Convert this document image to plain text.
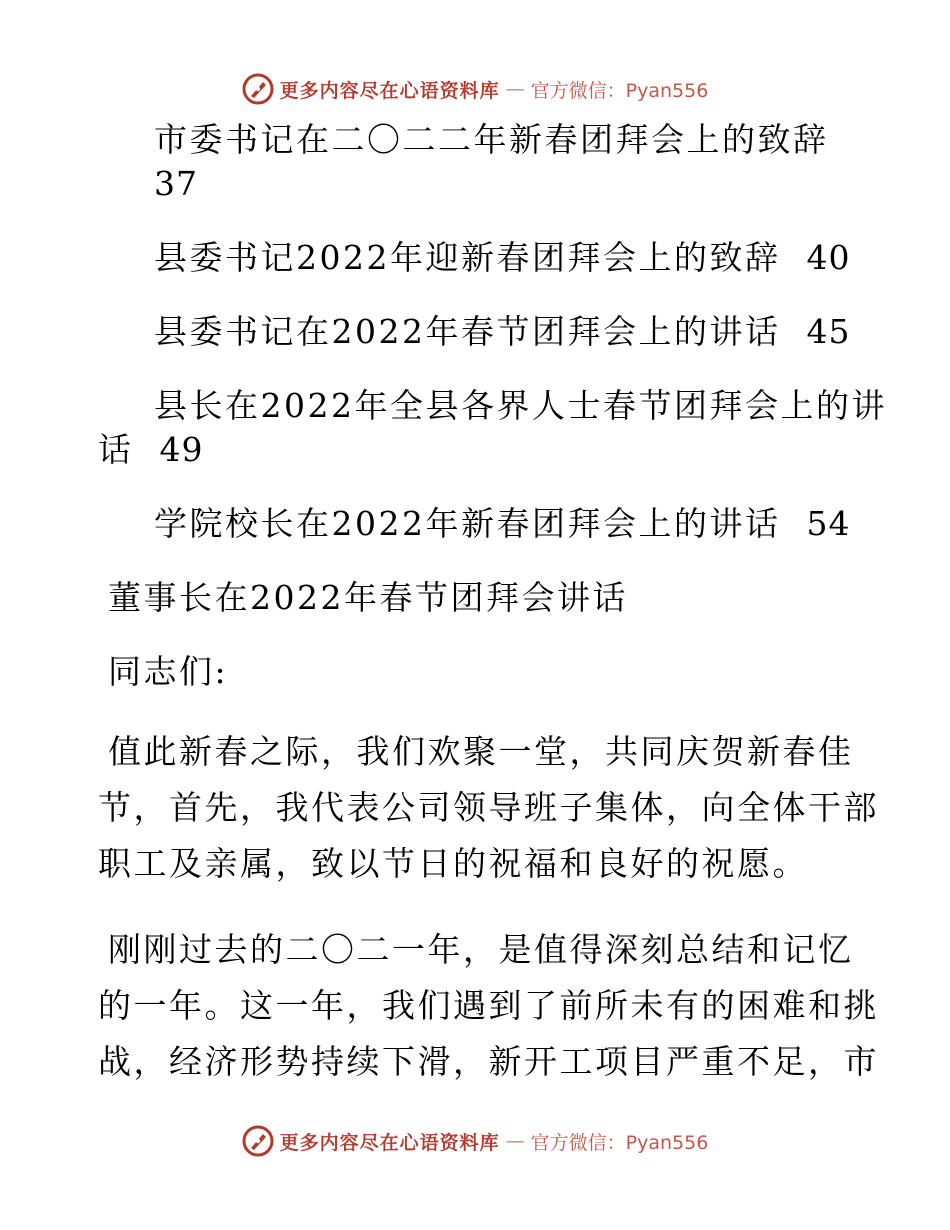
更多内容尽在心语资料库 — 官方微信：Pyan556
市委书记在二〇二二年新春团拜会上的致辞
37
县委书记2022年迎新春团拜会上的致辞 40
县委书记在2022年春节团拜会上的讲话 45
县长在2022年全县各界人士春节团拜会上的讲
话 49
学院校长在2022年新春团拜会上的讲话 54
董事长在2022年春节团拜会讲话
同志们:
值此新春之际，我们欢聚一堂，共同庆贺新春佳
节，首先，我代表公司领导班子集体，向全体干部
职工及亲属，致以节日的祝福和良好的祝愿。
刚刚过去的二〇二一年，是值得深刻总结和记忆
的一年。这一年，我们遇到了前所未有的困难和挑
战，经济形势持续下滑，新开工项目严重不足，市
更多内容尽在心语资料库 — 官方微信：Pyan556
